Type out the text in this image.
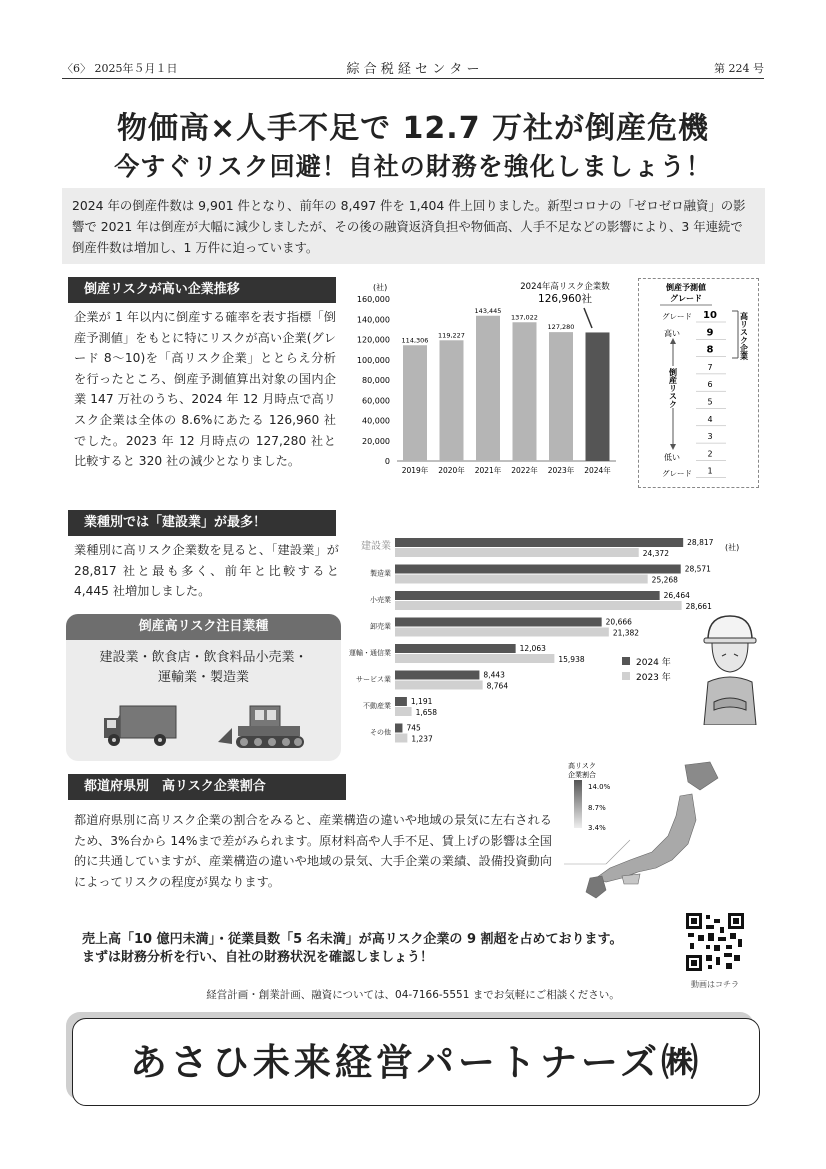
〈6〉 2025年５月１日	綜 合 税 経 セ ン タ ー	第 224 号
物価高×人手不足で 12.7 万社が倒産危機
今すぐリスク回避！自社の財務を強化しましょう！
2024 年の倒産件数は 9,901 件となり、前年の 8,497 件を 1,404 件上回りました。新型コロナの「ゼロゼロ融資」の影響で 2021 年は倒産が大幅に減少しましたが、その後の融資返済負担や物価高、人手不足などの影響により、3 年連続で倒産件数は増加し、1 万件に迫っています。
倒産リスクが高い企業推移
企業が 1 年以内に倒産する確率を表す指標「倒産予測値」をもとに特にリスクが高い企業(グレード 8〜10)を「高リスク企業」ととらえ分析を行ったところ、倒産予測値算出対象の国内企業 147 万社のうち、2024 年 12 月時点で高リスク企業は全体の 8.6%にあたる 126,960 社でした。2023 年 12 月時点の 127,280 社と比較すると 320 社の減少となりました。
(社)
0
20,000
40,000
60,000
80,000
100,000
120,000
140,000
160,000
114,306
2019年
119,227
2020年
143,445
2021年
137,022
2022年
127,280
2023年 2024年
2024年高リスク企業数
126,960社
倒産予測値
グレード
グレード
高い
低い
グレード
倒産リスク
10
9
8
7
6
5
4
3
2
1
高リスク企業
業種別では「建設業」が最多！
業種別に高リスク企業数を見ると、「建設業」が 28,817 社と最も多く、前年と比較すると 4,445 社増加しました。
倒産高リスク注目業種
建設業・飲食店・飲食料品小売業・
運輸業・製造業
建設業	28,817
24,372
製造業	28,571
25,268
小売業	26,464
28,661
卸売業	20,666
21,382
運輸・通信業	12,063
15,938
サービス業	8,443
8,764
不動産業	1,191
1,658
その他 745
1,237
(社)
2024 年
2023 年
都道府県別　高リスク企業割合
都道府県別に高リスク企業の割合をみると、産業構造の違いや地域の景気に左右されるため、3%台から 14%まで差がみられます。原材料高や人手不足、賃上げの影響は全国的に共通していますが、産業構造の違いや地域の景気、大手企業の業績、設備投資動向によってリスクの程度が異なります。
高リスク
企業割合
14.0%
8.7%
3.4%
売上高「10 億円未満」・従業員数「5 名未満」が高リスク企業の 9 割超を占めております。
まずは財務分析を行い、自社の財務状況を確認しましょう！
動画はコチラ
経営計画・創業計画、融資については、04-7166-5551 までお気軽にご相談ください。
あさひ未来経営パートナーズ㈱
